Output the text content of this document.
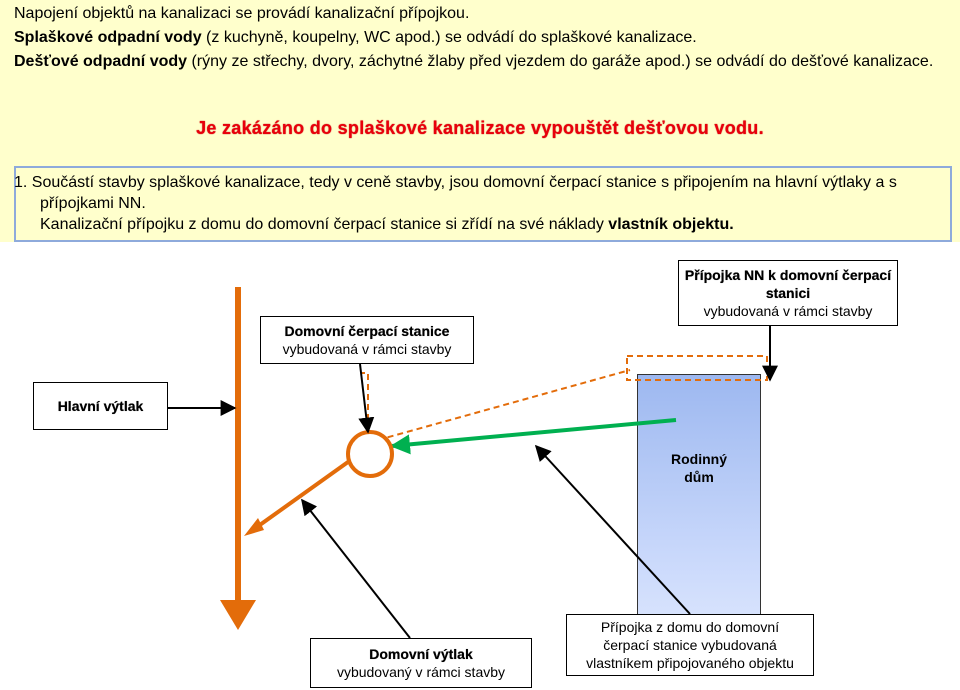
Napojení objektů na kanalizaci se provádí kanalizační přípojkou.

Splaškové odpadní vody (z kuchyně, koupelny, WC apod.) se odvádí do splaškové kanalizace.

Dešťové odpadní vody (rýny ze střechy, dvory, záchytné žlaby před vjezdem do garáže apod.) se odvádí do dešťové kanalizace.

Je zakázáno do splaškové kanalizace vypouštět dešťovou vodu.

1. Součástí stavby splaškové kanalizace, tedy v ceně stavby, jsou domovní čerpací stanice s připojením na hlavní výtlaky a s přípojkami NN.

Kanalizační přípojku z domu do domovní čerpací stanice si zřídí na své náklady vlastník objektu.

Rodinný
dům
Přípojka NN k domovní čerpací stanici
vybudovaná v rámci stavby
Domovní čerpací stanice
vybudovaná v rámci stavby
Hlavní výtlak
Domovní výtlak
vybudovaný v rámci stavby
Přípojka z domu do domovní čerpací stanice vybudovaná vlastníkem připojovaného objektu
